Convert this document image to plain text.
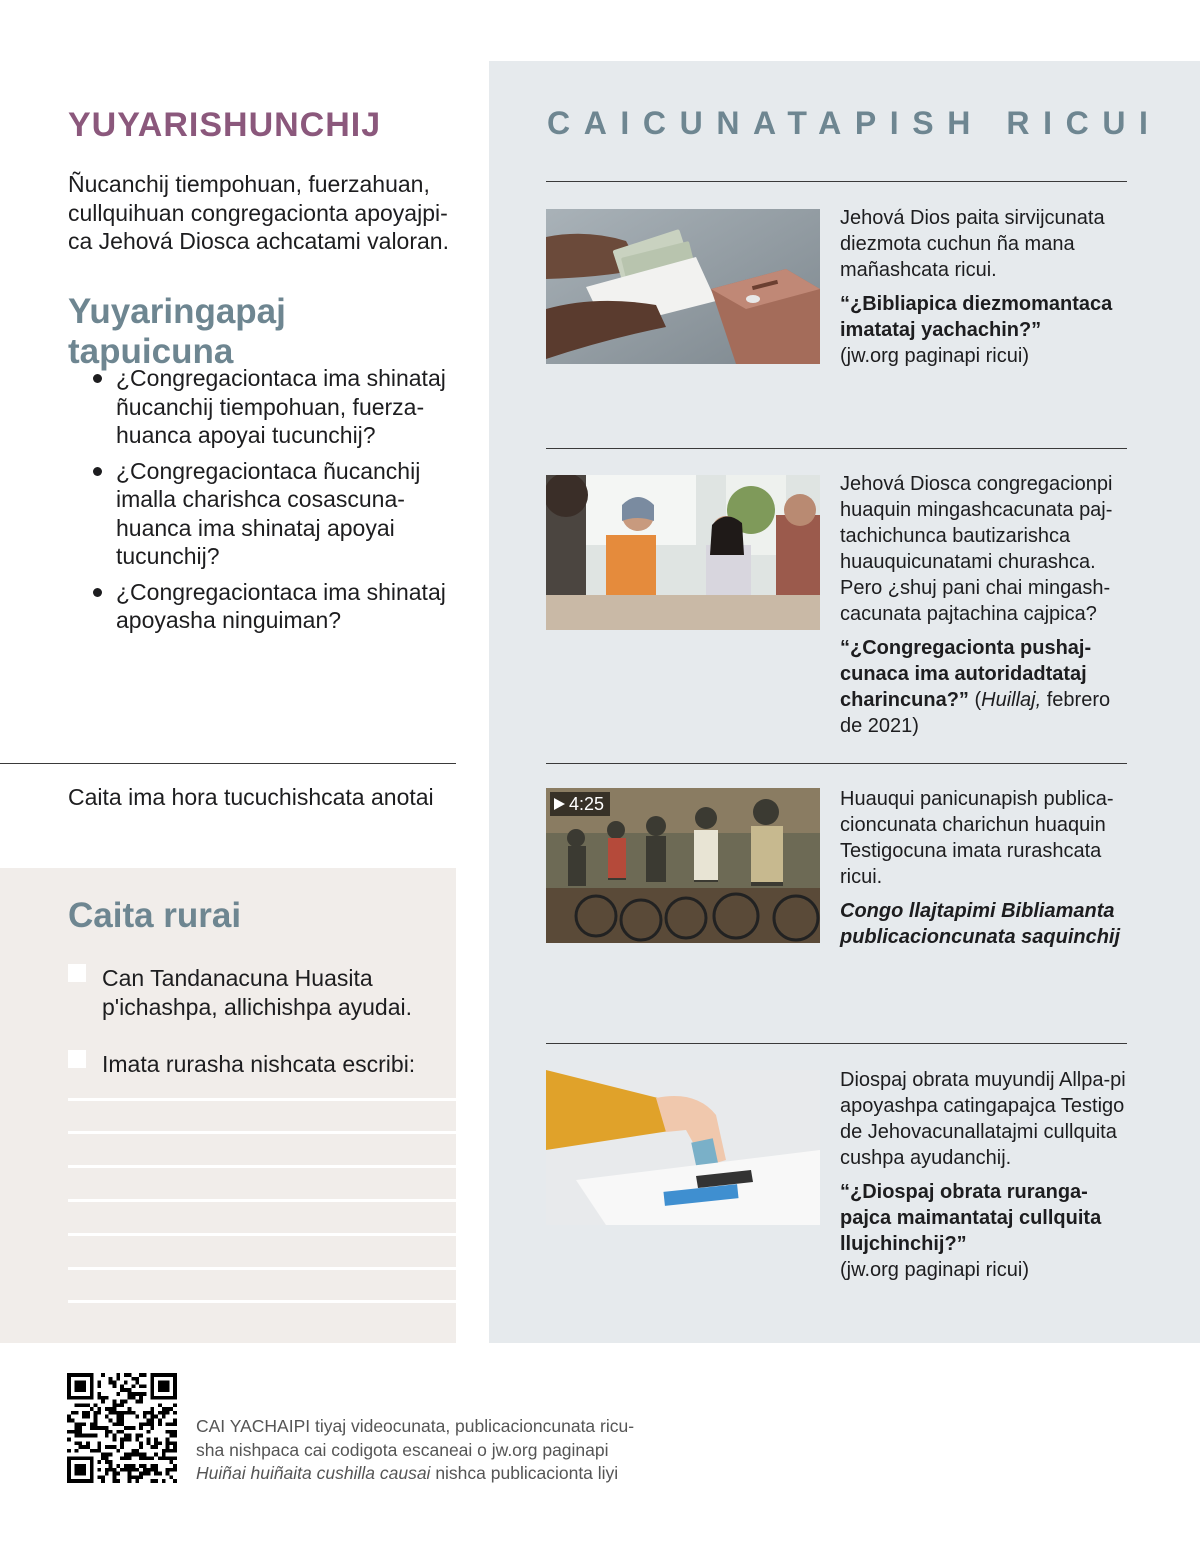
YUYARISHUNCHIJ

Ñucanchij tiempohuan, fuerzahuan, cullquihuan congregacionta apoyajpi-ca Jehová Diosca achcatami valoran.

Yuyaringapaj tapuicuna
¿Congregaciontaca ima shinataj ñucanchij tiempohuan, fuerza-huanca apoyai tucunchij?
¿Congregaciontaca ñucanchij imalla charishca cosascuna-huanca ima shinataj apoyai tucunchij?
¿Congregaciontaca ima shinataj apoyasha ninguiman?
Caita ima hora tucuchishcata anotai
Caita rurai
Can Tandanacuna Huasita p'ichashpa, allichishpa ayudai.
Imata rurasha nishcata escribi:
CAICUNATAPISH RICUI
Jehová Dios paita sirvijcunata diezmota cuchun ña mana mañashcata ricui.
“¿Bibliapica diezmomantaca imatataj yachachin?”
(jw.org paginapi ricui)
Jehová Diosca congregacionpi huaquin mingashcacunata paj-tachichunca bautizarishca huauquicunatami churashca. Pero ¿shuj pani chai mingash-cacunata pajtachina cajpica?
“¿Congregacionta pushaj-cunaca ima autoridadtataj charincuna?” (Huillaj, febrero de 2021)
4:25	Huauqui panicunapish publica-cioncunata charichun huaquin Testigocuna imata rurashcata ricui.
Congo llajtapimi Bibliamanta publicacioncunata saquinchij
Diospaj obrata muyundij Allpa-pi apoyashpa catingapajca Testigo de Jehovacunallatajmi cullquita cushpa ayudanchij.
“¿Diospaj obrata ruranga-pajca maimantataj cullquita llujchinchij?”
(jw.org paginapi ricui)
CAI YACHAIPI tiyaj videocunata, publicacioncunata ricu-
sha nishpaca cai codigota escaneai o jw.org paginapi
Huiñai huiñaita cushilla causai nishca publicacionta liyi
